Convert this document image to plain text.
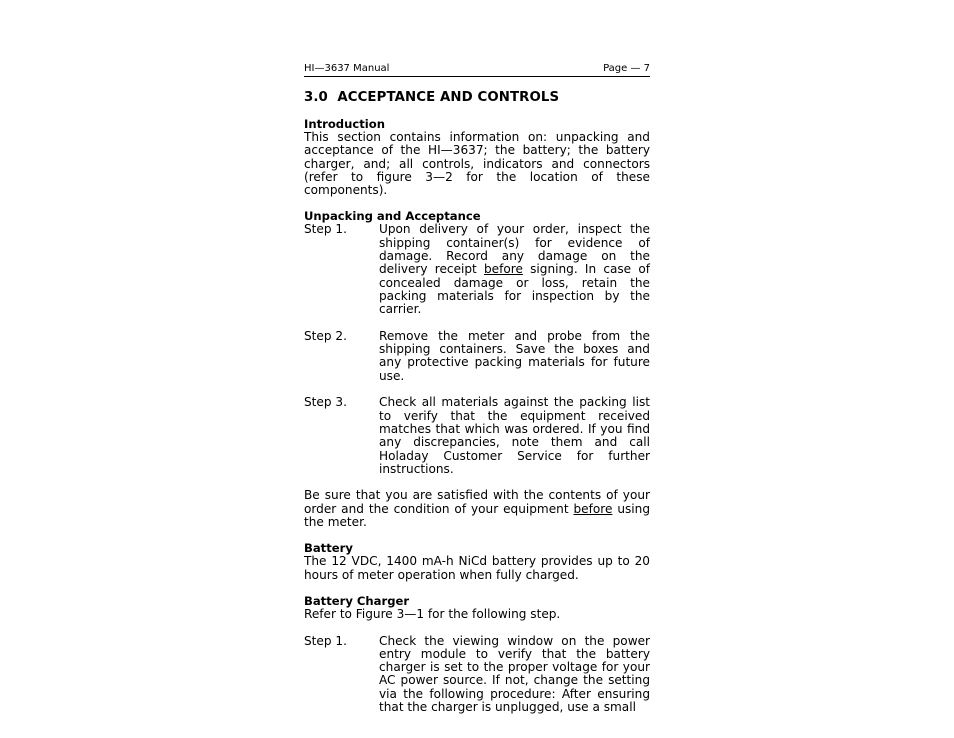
HI—3637 Manual	Page — 7
3.0  ACCEPTANCE AND CONTROLS
Introduction

This section contains information on: unpacking and acceptance of the HI—3637; the battery; the battery charger, and; all controls, indicators and connectors (refer to figure 3—2 for the location of these components).

Unpacking and Acceptance
Step 1.	Upon delivery of your order, inspect the shipping container(s) for evidence of damage. Record any damage on the delivery receipt before signing. In case of concealed damage or loss, retain the packing materials for inspection by the carrier.
Step 2.	Remove the meter and probe from the shipping containers. Save the boxes and any protective packing materials for future use.
Step 3.	Check all materials against the packing list to verify that the equipment received matches that which was ordered. If you find any discrepancies, note them and call Holaday Customer Service for further instructions.

Be sure that you are satisfied with the contents of your order and the condition of your equipment before using the meter.

Battery

The 12 VDC, 1400 mA-h NiCd battery provides up to 20 hours of meter operation when fully charged.

Battery Charger

Refer to Figure 3—1 for the following step.

Step 1.	Check the viewing window on the power entry module to verify that the battery charger is set to the proper voltage for your AC power source. If not, change the setting via the following procedure: After ensuring that the charger is unplugged, use a small
